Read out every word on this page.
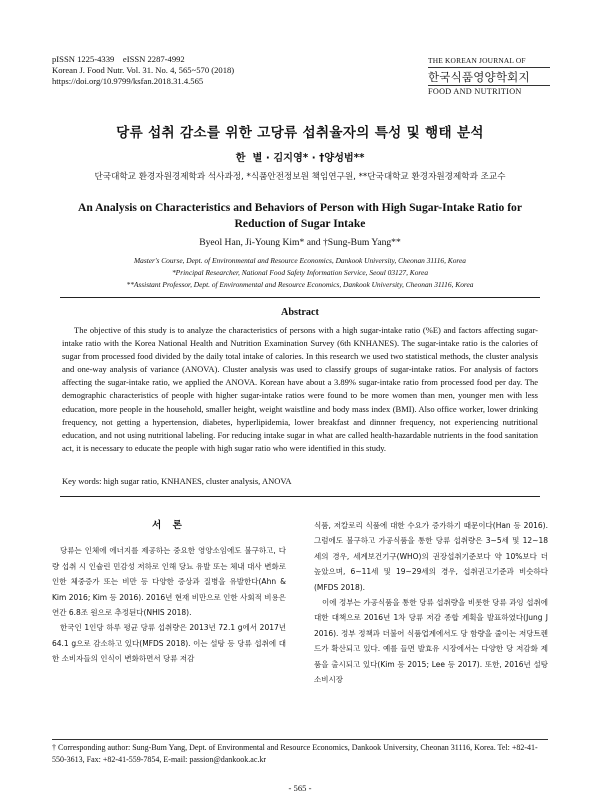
pISSN 1225-4339    eISSN 2287-4992
Korean J. Food Nutr. Vol. 31. No. 4, 565~570 (2018)
https://doi.org/10.9799/ksfan.2018.31.4.565
THE KOREAN JOURNAL OF
한국식품영양학회지
FOOD AND NUTRITION
당류 섭취 감소를 위한 고당류 섭취율자의 특성 및 행태 분석
한  별 · 김지영* · †양성범**
단국대학교 환경자원경제학과 석사과정, *식품안전정보원 책임연구원, **단국대학교 환경자원경제학과 조교수
An Analysis on Characteristics and Behaviors of Person with High Sugar-Intake Ratio for Reduction of Sugar Intake
Byeol Han, Ji-Young Kim* and †Sung-Bum Yang**
Master's Course, Dept. of Environmental and Resource Economics, Dankook University, Cheonan 31116, Korea
*Principal Researcher, National Food Safety Information Service, Seoul 03127, Korea
**Assistant Professor, Dept. of Environmental and Resource Economics, Dankook University, Cheonan 31116, Korea
Abstract
The objective of this study is to analyze the characteristics of persons with a high sugar-intake ratio (%E) and factors affecting sugar-intake ratio with the Korea National Health and Nutrition Examination Survey (6th KNHANES). The sugar-intake ratio is the calories of sugar from processed food divided by the daily total intake of calories. In this research we used two statistical methods, the cluster analysis and one-way analysis of variance (ANOVA). Cluster analysis was used to classify groups of sugar-intake ratios. For analysis of factors affecting the sugar-intake ratio, we applied the ANOVA. Korean have about a 3.89% sugar-intake ratio from processed food per day. The demographic characteristics of people with higher sugar-intake ratios were found to be more women than men, younger men with less education, more people in the household, smaller height, weight waistline and body mass index (BMI). Also office worker, lower drinking frequency, not getting a hypertension, diabetes, hyperlipidemia, lower breakfast and dinnner frequency, not experiencing nutritional education, and not using nutritional labeling. For reducing intake sugar in what are called health-hazardable nutrients in the food sanitation act, it is necessary to educate the people with high sugar ratio who were identified in this study.
Key words: high sugar ratio, KNHANES, cluster analysis, ANOVA

서 론

당류는 인체에 에너지를 제공하는 중요한 영양소임에도 불구하고, 다량 섭취 시 인슐린 민감성 저하로 인해 당뇨 유발 또는 체내 대사 변화로 인한 체중증가 또는 비만 등 다양한 증상과 질병을 유발한다(Ahn & Kim 2016; Kim 등 2016). 2016년 현재 비만으로 인한 사회적 비용은 연간 6.8조 원으로 추정된다(NHIS 2018).

한국인 1인당 하루 평균 당류 섭취량은 2013년 72.1 g에서 2017년 64.1 g으로 감소하고 있다(MFDS 2018). 이는 설탕 등 당류 섭취에 대한 소비자들의 인식이 변화하면서 당류 저감

식품, 저칼로리 식품에 대한 수요가 증가하기 때문이다(Han 등 2016). 그럼에도 불구하고 가공식품을 통한 당류 섭취량은 3~5세 및 12~18세의 경우, 세계보건기구(WHO)의 권장섭취기준보다 약 10%보다 더 높았으며, 6~11세 및 19~29세의 경우, 섭취권고기준과 비슷하다(MFDS 2018).

이에 정부는 가공식품을 통한 당류 섭취량을 비롯한 당류 과잉 섭취에 대한 대책으로 2016년 1차 당류 저감 종합 계획을 발표하였다(Jung J 2016). 정부 정책과 더불어 식품업계에서도 당 함량을 줄이는 저당트렌드가 확산되고 있다. 예를 들면 발효유 시장에서는 다양한 당 저감화 제품을 출시되고 있다(Kim 등 2015; Lee 등 2017). 또한, 2016년 설탕 소비시장

† Corresponding author: Sung-Bum Yang, Dept. of Environmental and Resource Economics, Dankook University, Cheonan 31116, Korea. Tel: +82-41-550-3613, Fax: +82-41-559-7854, E-mail: passion@dankook.ac.kr
- 565 -
